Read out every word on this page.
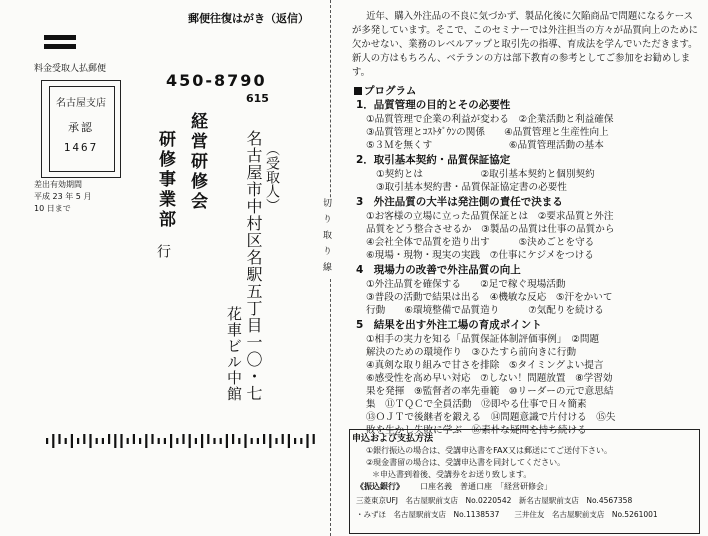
郵便往復はがき（返信）
料金受取人払郵便
名古屋支店
承認
1467
差出有効期間
平成 23 年 5 月
10 日まで
450-8790
615
（受取人）
名古屋市中村区名駅五丁目一〇・七
花車ビル中館
経営研修会
研修事業部
行	切り取り線

近年、購入外注品の不良に気づかず、製品化後に欠陥商品で問題になるケースが多発しています。そこで、このセミナーでは外注担当の方々が品質向上のために欠かせない、業務のレベルアップと取引先の指導、育成法を学んでいただきます。　新人の方はもちろん、ベテランの方は部下教育の参考としてご参加をお勧めします。

プログラム
1．品質管理の目的とその必要性
①品質管理で企業の利益が変わる　②企業活動と利益確保
③品質管理とｺｽﾄﾀﾞｳﾝの関係　　④品質管理と生産性向上
⑤３Ｍを無くす　　　　　　　　⑥品質管理活動の基本
2．取引基本契約・品質保証協定
①契約とは　　　　　　②取引基本契約と個別契約
③取引基本契約書・品質保証協定書の必要性
3　外注品質の大半は発注側の責任で決まる
①お客様の立場に立った品質保証とは　②要求品質と外注
品質をどう整合させるか　③製品の品質は仕事の品質から
④会社全体で品質を造り出す　　　⑤決めごとを守る
⑥現場・現物・現実の実践　⑦仕事にケジメをつける
4　現場力の改善で外注品質の向上
①外注品質を確保する　　②足で稼ぐ現場活動
③普段の活動で結果は出る　④機敏な反応　⑤汗をかいて
行動　　⑥環境整備で品質造り　　　⑦気配りを続ける
5　結果を出す外注工場の育成ポイント
①相手の実力を知る「品質保証体制評価事例」　②問題
解決のための環境作り　③ひたすら前向きに行動
④真剣な取り組みで甘さを排除　⑤タイミングよい提言
⑥感受性を高め早い対応　⑦しない！問題放置　⑧学習効
果を発揮　⑨監督者の率先垂範　⑩リーダーの元で意思結
集　⑪ＴＱＣで全員活動　⑫即やる仕事で日々簡素
⑬ＯＪＴで後継者を鍛える　⑭問題意識で片付ける　⑮失
敗を生かし失敗に学ぶ　⑯素朴な疑問を持ち続ける
申込および支払方法
①銀行振込の場合は、受講申込書をFAX又は郵送にてご送付下さい。
②現金書留の場合は、受講申込書を同封してください。
＊申込書到着後、受講券をお送り致します。
《振込銀行》 口座名義　普通口座　「経営研修会」
三菱東京UFJ　名古屋駅前支店　No.0220542　新名古屋駅前支店　No.4567358
・みずほ　名古屋駅前支店　No.1138537　　三井住友　名古屋駅前支店　No.5261001
